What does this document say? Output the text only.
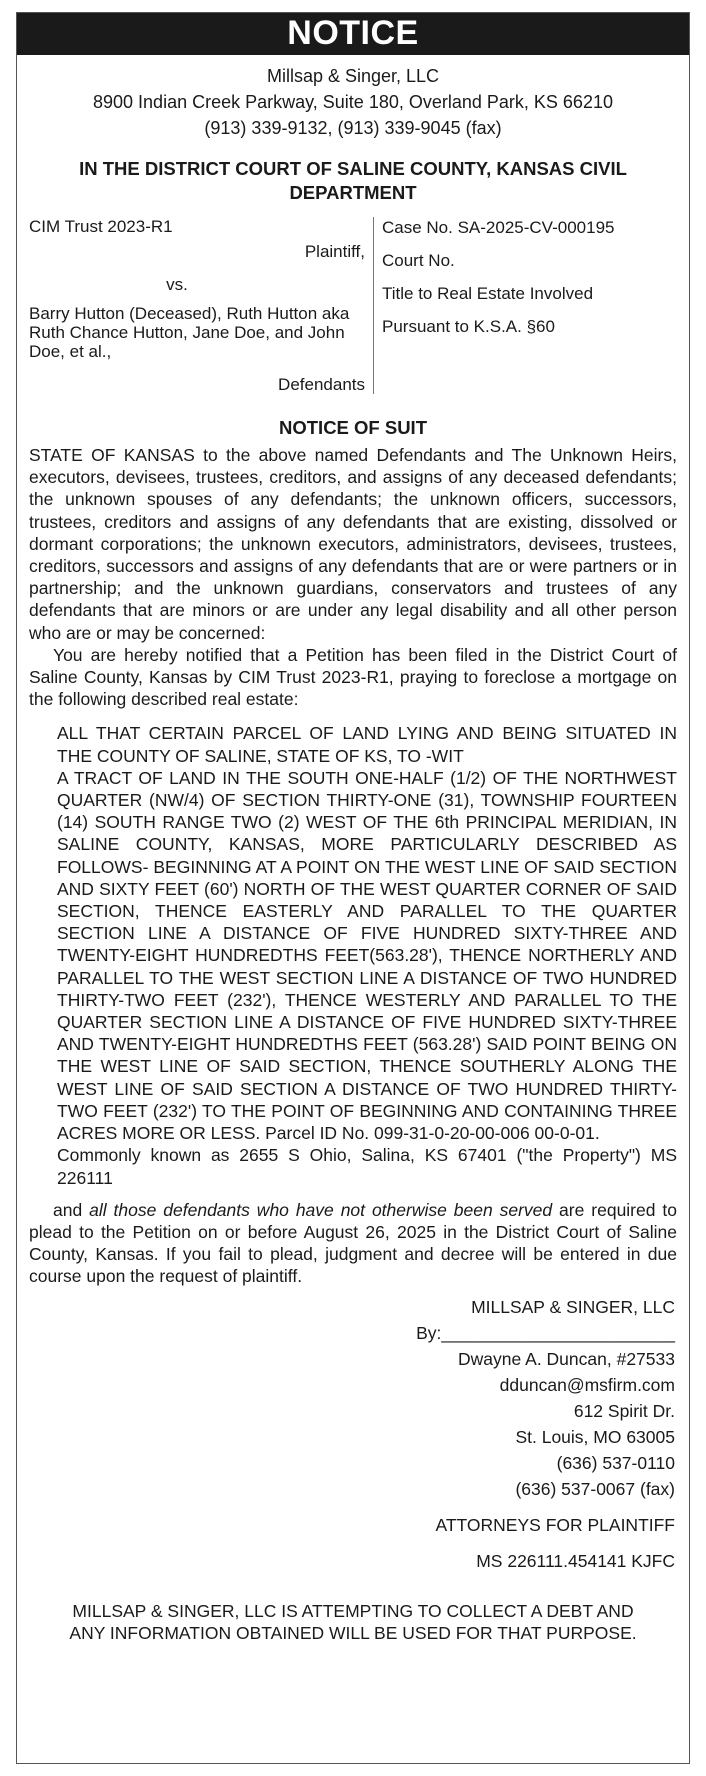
NOTICE
Millsap & Singer, LLC
8900 Indian Creek Parkway, Suite 180, Overland Park, KS 66210
(913) 339-9132, (913) 339-9045 (fax)
IN THE DISTRICT COURT OF SALINE COUNTY, KANSAS CIVIL DEPARTMENT
CIM Trust 2023-R1
Plaintiff,
vs.
Barry Hutton (Deceased), Ruth Hutton aka Ruth Chance Hutton, Jane Doe, and John Doe, et al.,
Defendants
Case No. SA-2025-CV-000195
Court No.
Title to Real Estate Involved
Pursuant to K.S.A. §60
NOTICE OF SUIT

STATE OF KANSAS to the above named Defendants and The Unknown Heirs, executors, devisees, trustees, creditors, and assigns of any deceased defendants; the unknown spouses of any defendants; the unknown officers, successors, trustees, creditors and assigns of any defendants that are existing, dissolved or dormant corporations; the unknown executors, administrators, devisees, trustees, creditors, successors and assigns of any defendants that are or were partners or in partnership; and the unknown guardians, conservators and trustees of any defendants that are minors or are under any legal disability and all other person who are or may be concerned:

You are hereby notified that a Petition has been filed in the District Court of Saline County, Kansas by CIM Trust 2023-R1, praying to foreclose a mortgage on the following described real estate:

ALL THAT CERTAIN PARCEL OF LAND LYING AND BEING SITUATED IN THE COUNTY OF SALINE, STATE OF KS, TO -WIT

A TRACT OF LAND IN THE SOUTH ONE-HALF (1/2) OF THE NORTHWEST QUARTER (NW/4) OF SECTION THIRTY-ONE (31), TOWNSHIP FOURTEEN (14) SOUTH RANGE TWO (2) WEST OF THE 6th PRINCIPAL MERIDIAN, IN SALINE COUNTY, KANSAS, MORE PARTICULARLY DESCRIBED AS FOLLOWS- BEGINNING AT A POINT ON THE WEST LINE OF SAID SECTION AND SIXTY FEET (60') NORTH OF THE WEST QUARTER CORNER OF SAID SECTION, THENCE EASTERLY AND PARALLEL TO THE QUARTER SECTION LINE A DISTANCE OF FIVE HUNDRED SIXTY-THREE AND TWENTY-EIGHT HUNDREDTHS FEET(563.28'), THENCE NORTHERLY AND PARALLEL TO THE WEST SECTION LINE A DISTANCE OF TWO HUNDRED THIRTY-TWO FEET (232'), THENCE WESTERLY AND PARALLEL TO THE QUARTER SECTION LINE A DISTANCE OF FIVE HUNDRED SIXTY-THREE AND TWENTY-EIGHT HUNDREDTHS FEET (563.28') SAID POINT BEING ON THE WEST LINE OF SAID SECTION, THENCE SOUTHERLY ALONG THE WEST LINE OF SAID SECTION A DISTANCE OF TWO HUNDRED THIRTY-TWO FEET (232') TO THE POINT OF BEGINNING AND CONTAINING THREE ACRES MORE OR LESS. Parcel ID No. 099-31-0-20-00-006 00-0-01.

Commonly known as 2655 S Ohio, Salina, KS 67401 ("the Property") MS 226111

and all those defendants who have not otherwise been served are required to plead to the Petition on or before August 26, 2025 in the District Court of Saline County, Kansas. If you fail to plead, judgment and decree will be entered in due course upon the request of plaintiff.
MILLSAP & SINGER, LLC
By:________________________
Dwayne A. Duncan, #27533
dduncan@msfirm.com
612 Spirit Dr.
St. Louis, MO 63005
(636) 537-0110
(636) 537-0067 (fax)
ATTORNEYS FOR PLAINTIFF
MS 226111.454141 KJFC
MILLSAP & SINGER, LLC IS ATTEMPTING TO COLLECT A DEBT AND ANY INFORMATION OBTAINED WILL BE USED FOR THAT PURPOSE.
